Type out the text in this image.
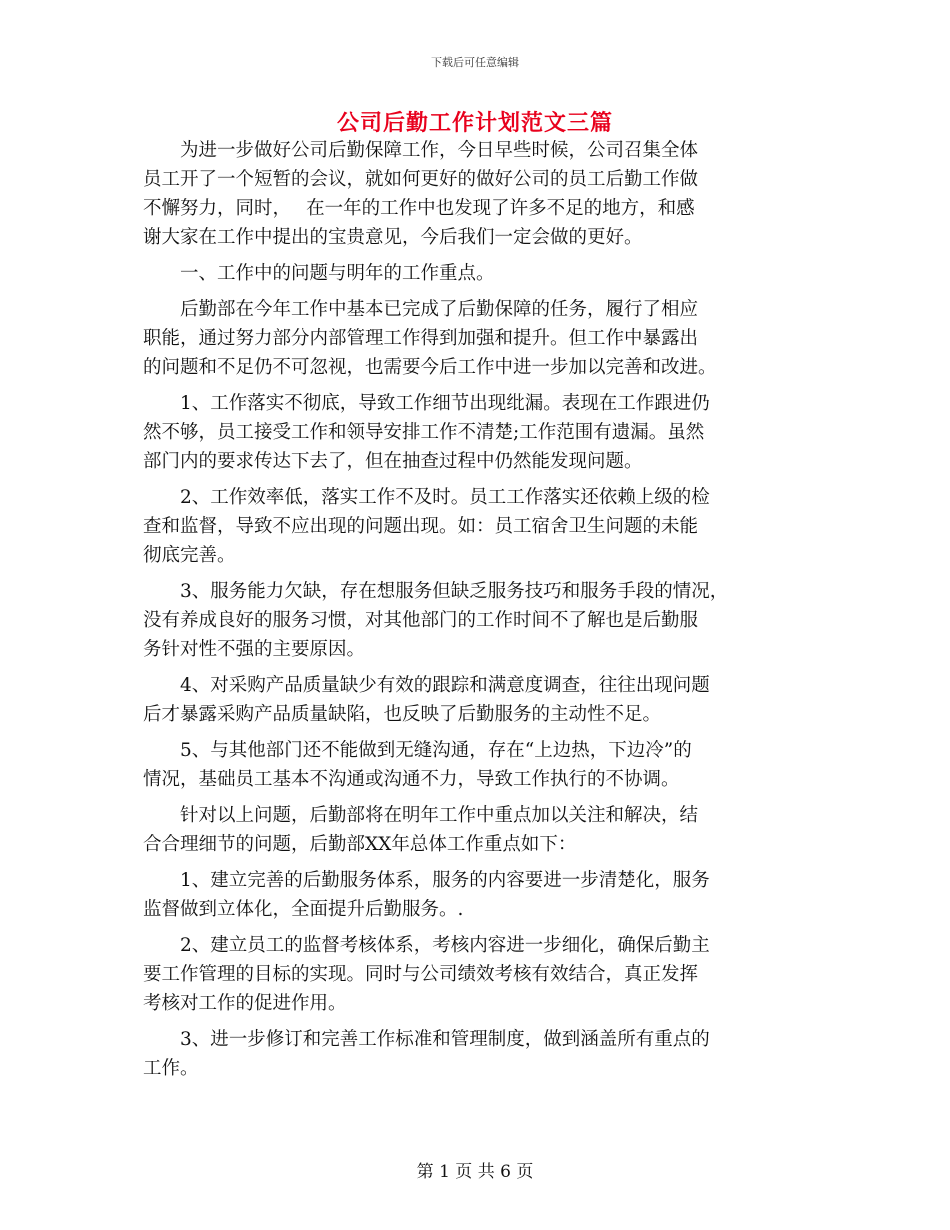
下载后可任意编辑
公司后勤工作计划范文三篇
　　为进一步做好公司后勤保障工作，今日早些时候，公司召集全体
员工开了一个短暂的会议，就如何更好的做好公司的员工后勤工作做
不懈努力，同时，　 在一年的工作中也发现了许多不足的地方，和感
谢大家在工作中提出的宝贵意见，今后我们一定会做的更好。
　　一、工作中的问题与明年的工作重点。
　　后勤部在今年工作中基本已完成了后勤保障的任务，履行了相应
职能，通过努力部分内部管理工作得到加强和提升。但工作中暴露出
的问题和不足仍不可忽视，也需要今后工作中进一步加以完善和改进。
　　1、工作落实不彻底，导致工作细节出现纰漏。表现在工作跟进仍
然不够，员工接受工作和领导安排工作不清楚;工作范围有遗漏。虽然
部门内的要求传达下去了，但在抽查过程中仍然能发现问题。
　　2、工作效率低，落实工作不及时。员工工作落实还依赖上级的检
查和监督，导致不应出现的问题出现。如：员工宿舍卫生问题的未能
彻底完善。
　　3、服务能力欠缺，存在想服务但缺乏服务技巧和服务手段的情况，
没有养成良好的服务习惯，对其他部门的工作时间不了解也是后勤服
务针对性不强的主要原因。
　　4、对采购产品质量缺少有效的跟踪和满意度调查，往往出现问题
后才暴露采购产品质量缺陷，也反映了后勤服务的主动性不足。
　　5、与其他部门还不能做到无缝沟通，存在“上边热，下边冷”的
情况，基础员工基本不沟通或沟通不力，导致工作执行的不协调。
　　针对以上问题，后勤部将在明年工作中重点加以关注和解决，结
合合理细节的问题，后勤部XX年总体工作重点如下：
　　1、建立完善的后勤服务体系，服务的内容要进一步清楚化，服务
监督做到立体化，全面提升后勤服务。.
　　2、建立员工的监督考核体系，考核内容进一步细化，确保后勤主
要工作管理的目标的实现。同时与公司绩效考核有效结合，真正发挥
考核对工作的促进作用。
　　3、进一步修订和完善工作标准和管理制度，做到涵盖所有重点的
工作。
第 1 页 共 6 页
